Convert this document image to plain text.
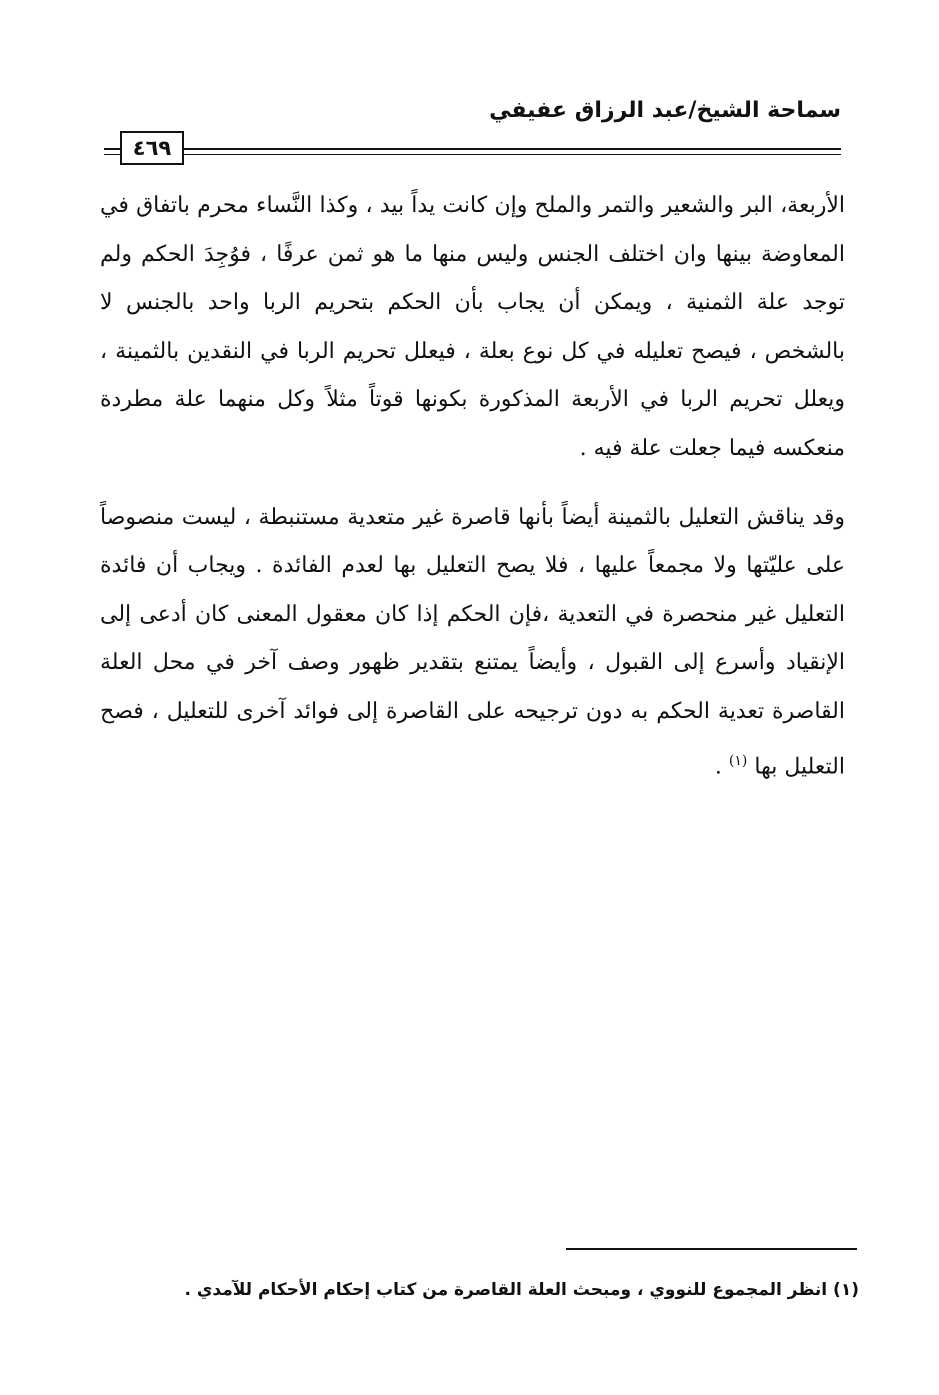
سماحة الشيخ/عبد الرزاق عفيفي
٤٦٩

الأربعة، البر والشعير والتمر والملح وإن كانت يداً بيد ، وكذا النَّساء محرم باتفاق في المعاوضة بينها وان اختلف الجنس وليس منها ما هو ثمن عرفًا ، فوُجِدَ الحكم ولم توجد علة الثمنية ، ويمكن أن يجاب بأن الحكم بتحريم الربا واحد بالجنس لا بالشخص ، فيصح تعليله في كل نوع بعلة ، فيعلل تحريم الربا في النقدين بالثمينة ، ويعلل تحريم الربا في الأربعة المذكورة بكونها قوتاً مثلاً وكل منهما علة مطردة منعكسه فيما جعلت علة فيه .

وقد يناقش التعليل بالثمينة أيضاً بأنها قاصرة غير متعدية مستنبطة ، ليست منصوصاً على عليّتها ولا مجمعاً عليها ، فلا يصح التعليل بها لعدم الفائدة . ويجاب أن فائدة التعليل غير منحصرة في التعدية ،فإن الحكم إذا كان معقول المعنى كان أدعى إلى الإنقياد وأسرع إلى القبول ، وأيضاً يمتنع بتقدير ظهور وصف آخر في محل العلة القاصرة تعدية الحكم به دون ترجيحه على القاصرة إلى فوائد آخرى للتعليل ، فصح التعليل بها $^{(١)}$ .

(١) انظر المجموع للنووي ، ومبحث العلة القاصرة من كتاب إحكام الأحكام للآمدي .
